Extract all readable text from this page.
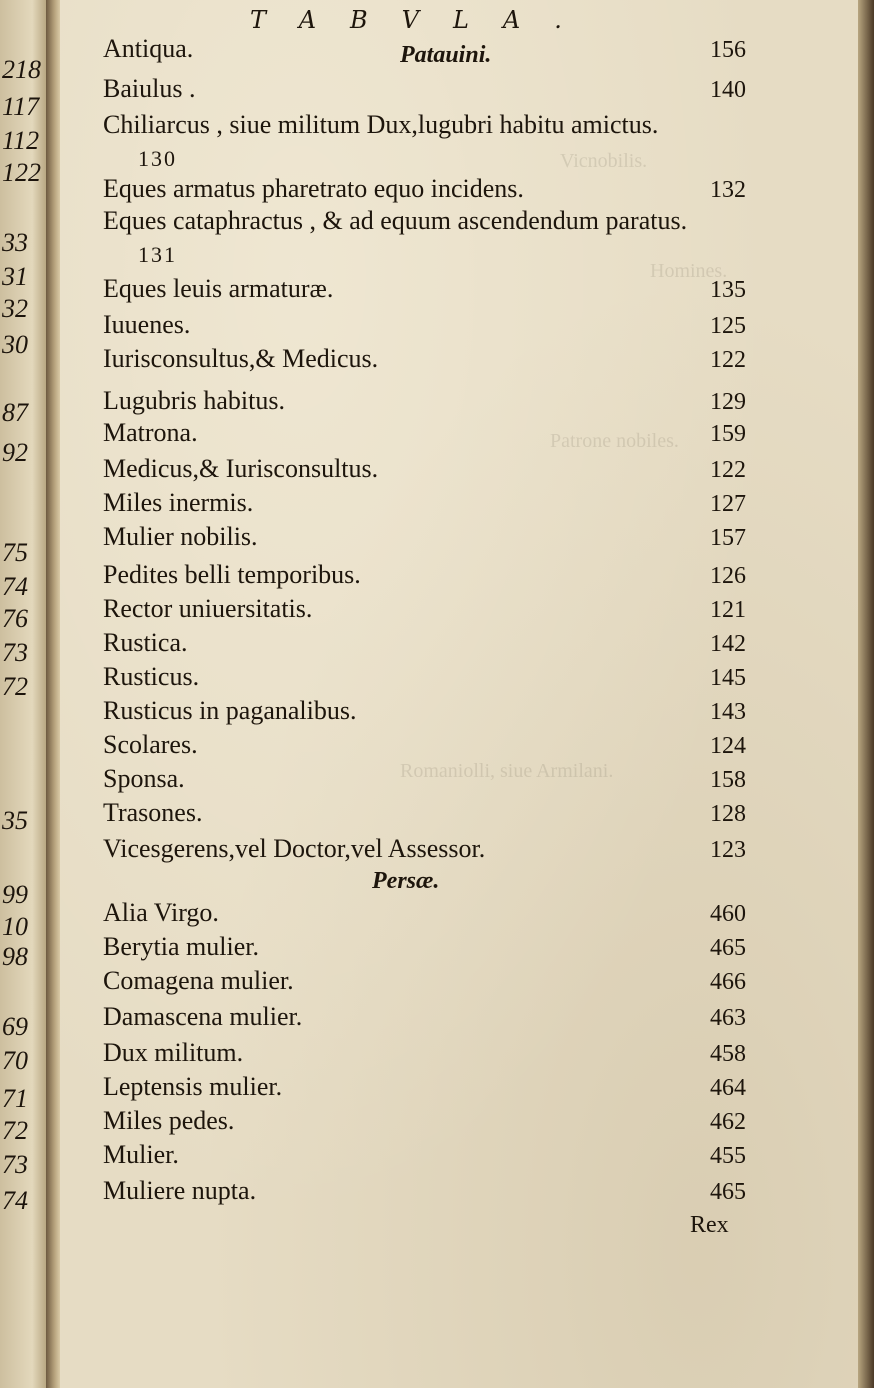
218
117
112
122
33
31
32
30
87
92
75
74
76
73
72
35
99
10
98
69
70
71
72
73
74
Vicnobilis.
Homines.
Patrone nobiles.
Romaniolli, siue Armilani.
TABVLA.
Patauini.
Antiqua.	156
Baiulus .	140
Chiliarcus , siue militum Dux,lugubri habitu amictus.
130
Eques armatus pharetrato equo incidens.	132
Eques cataphractus , & ad equum ascendendum paratus.
131
Eques leuis armaturæ.	135
Iuuenes.	125
Iurisconsultus,& Medicus.	122
Lugubris habitus.	129
Matrona.	159
Medicus,& Iurisconsultus.	122
Miles inermis.	127
Mulier nobilis.	157
Pedites belli temporibus.	126
Rector uniuersitatis.	121
Rustica.	142
Rusticus.	145
Rusticus in paganalibus.	143
Scolares.	124
Sponsa.	158
Trasones.	128
Vicesgerens,vel Doctor,vel Assessor.	123
Persæ.
Alia Virgo.	460
Berytia mulier.	465
Comagena mulier.	466
Damascena mulier.	463
Dux militum.	458
Leptensis mulier.	464
Miles pedes.	462
Mulier.	455
Muliere nupta.	465
Rex
